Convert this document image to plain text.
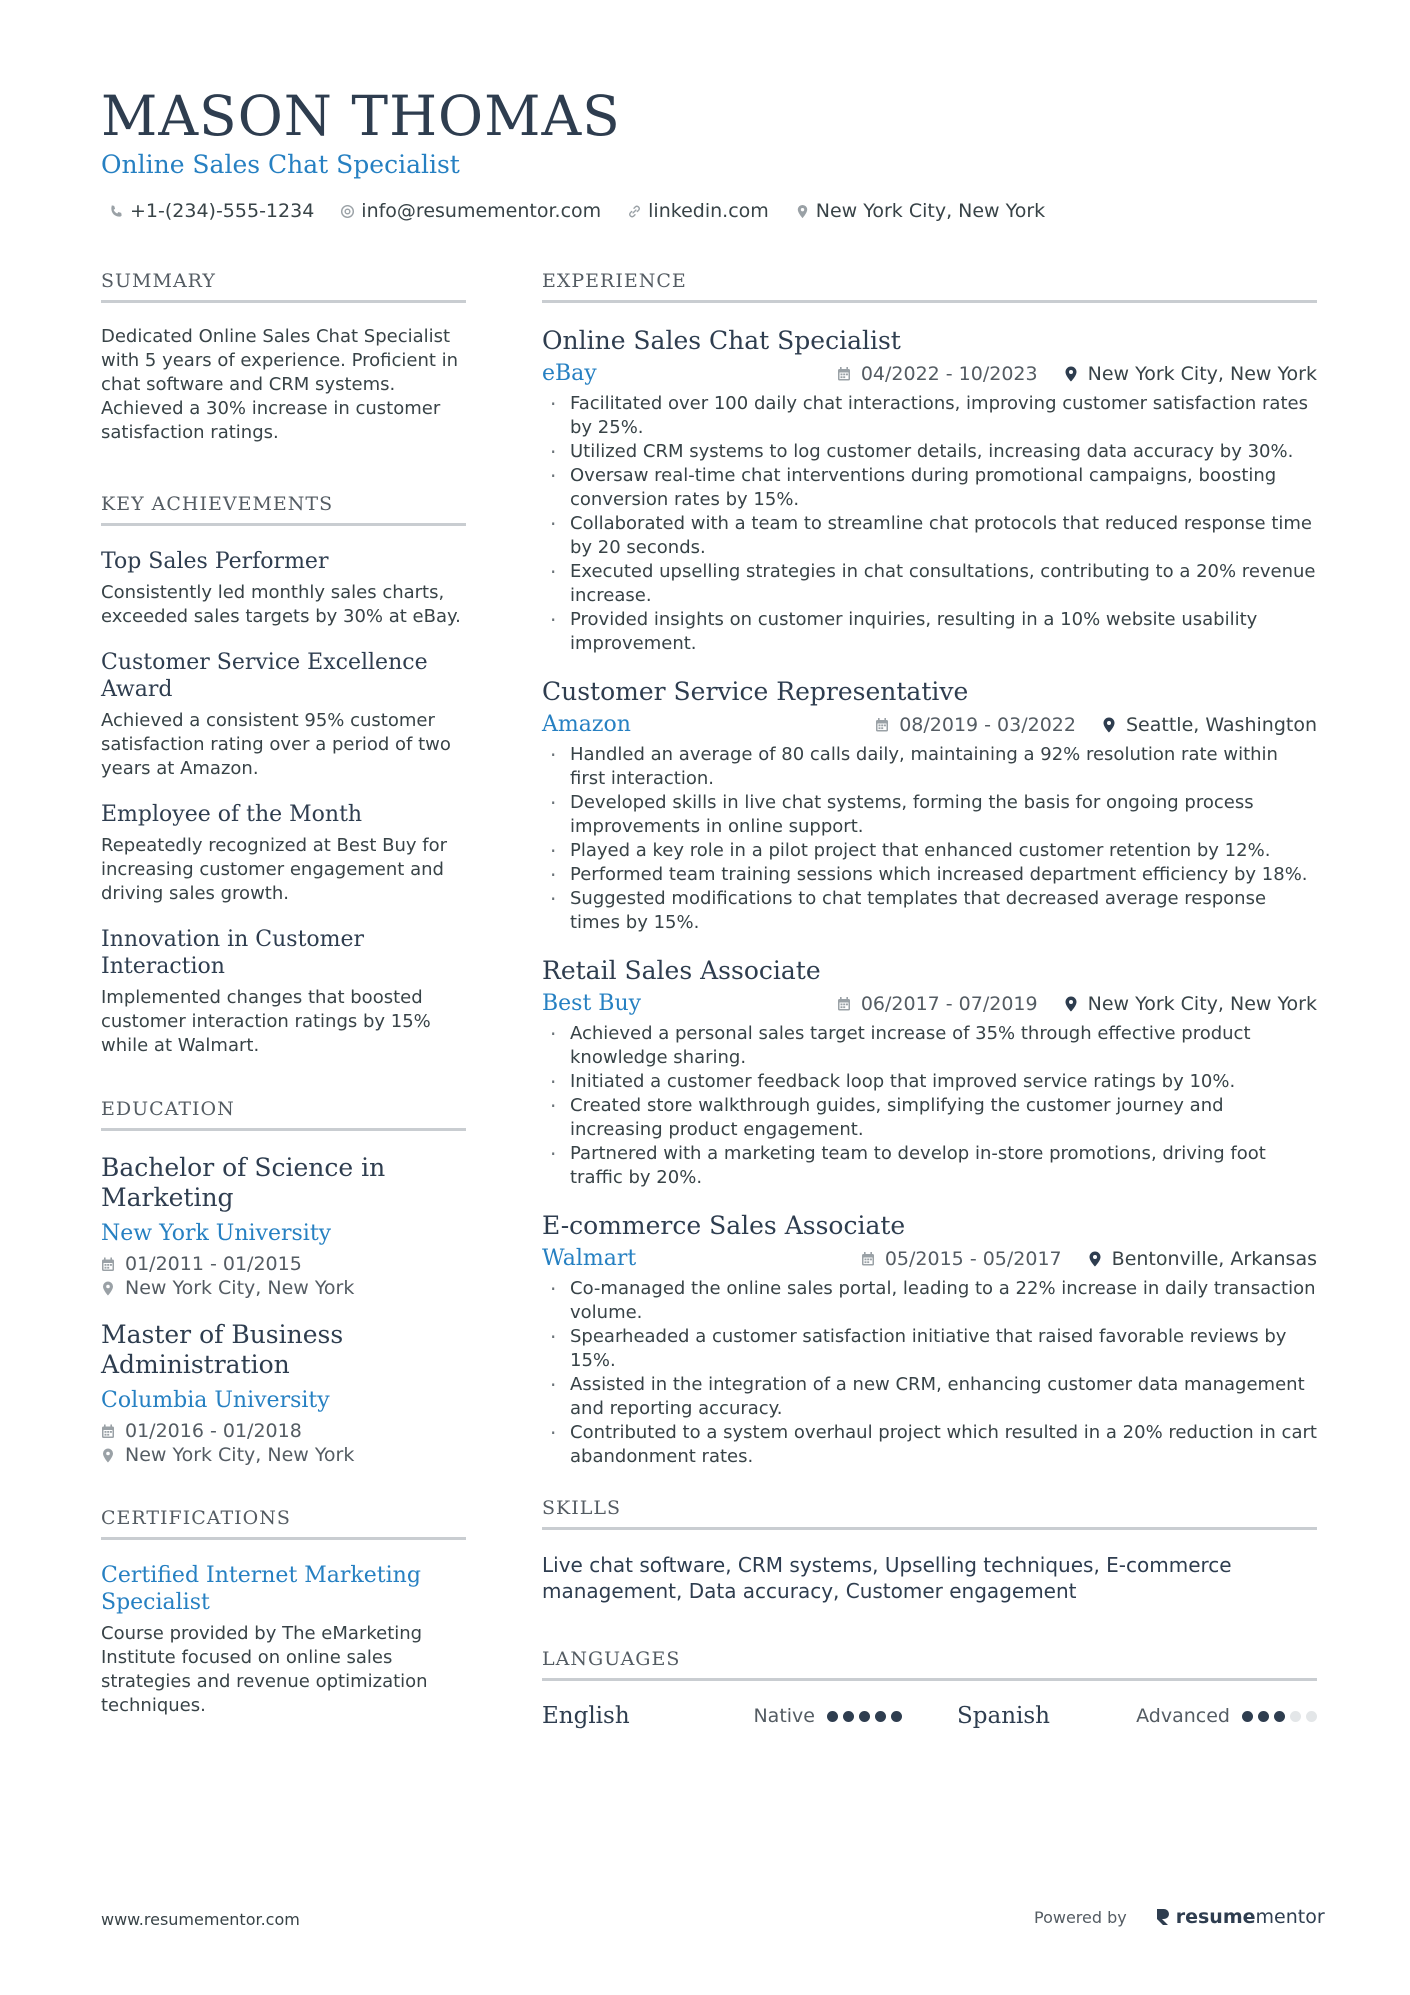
MASON THOMAS
Online Sales Chat Specialist
+1-(234)-555-1234 info@resumementor.com linkedin.com New York City, New York
SUMMARY
Dedicated Online Sales Chat Specialist with 5 years of experience. Proficient in chat software and CRM systems. Achieved a 30% increase in customer satisfaction ratings.
KEY ACHIEVEMENTS
Top Sales Performer
Consistently led monthly sales charts, exceeded sales targets by 30% at eBay.
Customer Service Excellence Award
Achieved a consistent 95% customer satisfaction rating over a period of two years at Amazon.
Employee of the Month
Repeatedly recognized at Best Buy for increasing customer engagement and driving sales growth.
Innovation in Customer Interaction
Implemented changes that boosted customer interaction ratings by 15% while at Walmart.
EDUCATION
Bachelor of Science in Marketing
New York University
01/2011 - 01/2015
New York City, New York
Master of Business Administration
Columbia University
01/2016 - 01/2018
New York City, New York
CERTIFICATIONS
Certified Internet Marketing Specialist
Course provided by The eMarketing Institute focused on online sales strategies and revenue optimization techniques.
EXPERIENCE
Online Sales Chat Specialist
eBay	04/2022 - 10/2023	New York City, New York
· Facilitated over 100 daily chat interactions, improving customer satisfaction rates by 25%.
· Utilized CRM systems to log customer details, increasing data accuracy by 30%.
· Oversaw real-time chat interventions during promotional campaigns, boosting conversion rates by 15%.
· Collaborated with a team to streamline chat protocols that reduced response time by 20 seconds.
· Executed upselling strategies in chat consultations, contributing to a 20% revenue increase.
· Provided insights on customer inquiries, resulting in a 10% website usability improvement.
Customer Service Representative
Amazon	08/2019 - 03/2022	Seattle, Washington
· Handled an average of 80 calls daily, maintaining a 92% resolution rate within first interaction.
· Developed skills in live chat systems, forming the basis for ongoing process improvements in online support.
· Played a key role in a pilot project that enhanced customer retention by 12%.
· Performed team training sessions which increased department efficiency by 18%.
· Suggested modifications to chat templates that decreased average response times by 15%.
Retail Sales Associate
Best Buy	06/2017 - 07/2019	New York City, New York
· Achieved a personal sales target increase of 35% through effective product knowledge sharing.
· Initiated a customer feedback loop that improved service ratings by 10%.
· Created store walkthrough guides, simplifying the customer journey and increasing product engagement.
· Partnered with a marketing team to develop in-store promotions, driving foot traffic by 20%.
E-commerce Sales Associate
Walmart	05/2015 - 05/2017	Bentonville, Arkansas
· Co-managed the online sales portal, leading to a 22% increase in daily transaction volume.
· Spearheaded a customer satisfaction initiative that raised favorable reviews by 15%.
· Assisted in the integration of a new CRM, enhancing customer data management and reporting accuracy.
· Contributed to a system overhaul project which resulted in a 20% reduction in cart abandonment rates.
SKILLS
Live chat software, CRM systems, Upselling techniques, E-commerce management, Data accuracy, Customer engagement
LANGUAGES
English	Native	Spanish	Advanced
www.resumementor.com	Powered by	resume mentor
